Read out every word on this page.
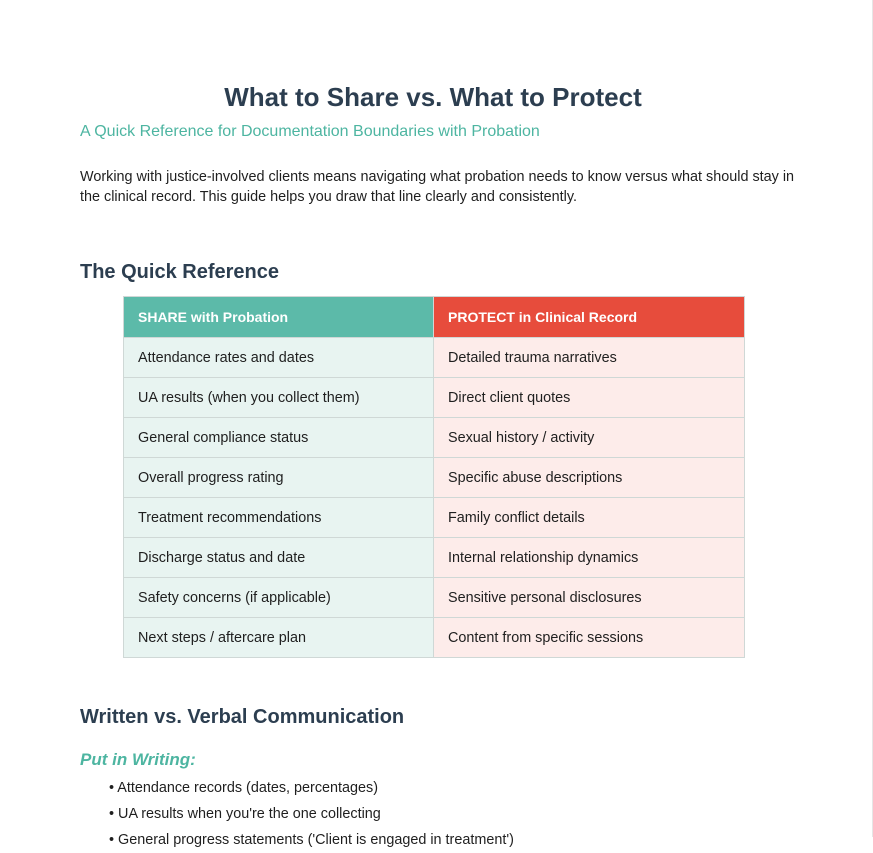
What to Share vs. What to Protect
A Quick Reference for Documentation Boundaries with Probation

Working with justice-involved clients means navigating what probation needs to know versus what should stay in the clinical record. This guide helps you draw that line clearly and consistently.

The Quick Reference
SHARE with Probation	PROTECT in Clinical Record
Attendance rates and dates	Detailed trauma narratives
UA results (when you collect them)	Direct client quotes
General compliance status	Sexual history / activity
Overall progress rating	Specific abuse descriptions
Treatment recommendations	Family conflict details
Discharge status and date	Internal relationship dynamics
Safety concerns (if applicable)	Sensitive personal disclosures
Next steps / aftercare plan	Content from specific sessions
Written vs. Verbal Communication
Put in Writing:
• Attendance records (dates, percentages)
• UA results when you're the one collecting
• General progress statements ('Client is engaged in treatment')
